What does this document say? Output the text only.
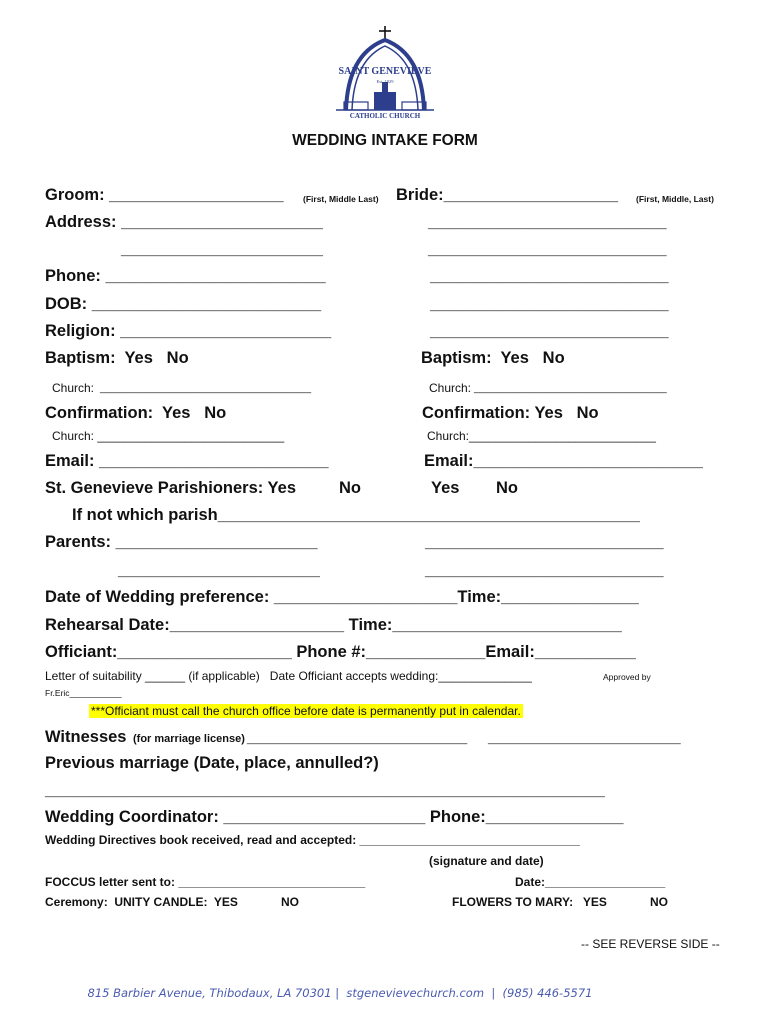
SAINT GENEVIEVE
Est. 1929
CATHOLIC CHURCH
WEDDING INTAKE FORM
Groom: ___________________ (First, Middle Last) Bride:___________________ (First, Middle, Last)
Address: ______________________	__________________________
______________________	__________________________
Phone: ________________________	__________________________
DOB: _________________________	__________________________
Religion: _______________________	__________________________
Baptism:  Yes   No	Baptism:  Yes   No
Church: _______________________	Church: _____________________
Confirmation:  Yes   No	Confirmation: Yes   No
Church: ____________________________	Church:____________________________
Email: _________________________	Email:_________________________
St. Genevieve Parishioners: Yes	No	Yes No
If not which parish______________________________________________
Parents: ______________________	__________________________
______________________	__________________________
Date of Wedding preference: ____________________Time:_______________
Rehearsal Date:___________________ Time:_________________________
Officiant:___________________ Phone #:_____________Email:___________
Letter of suitability ______ (if applicable)   Date Officiant accepts wedding:______________	Approved by
Fr.Eric___________
***Officiant must call the church office before date is permanently put in calendar.
Witnesses (for marriage license) ________________________ _____________________
Previous marriage (Date, place, annulled?)
_____________________________________________________________
Wedding Coordinator: ______________________ Phone:_______________
Wedding Directives book received, read and accepted: _________________________________
(signature and date)
FOCCUS letter sent to: ____________________________	Date:__________________
Ceremony:  UNITY CANDLE:  YES	NO	FLOWERS TO MARY:   YES	NO
-- SEE REVERSE SIDE --
815 Barbier Avenue, Thibodaux, LA 70301 |  stgenevievechurch.com  |  (985) 446-5571
